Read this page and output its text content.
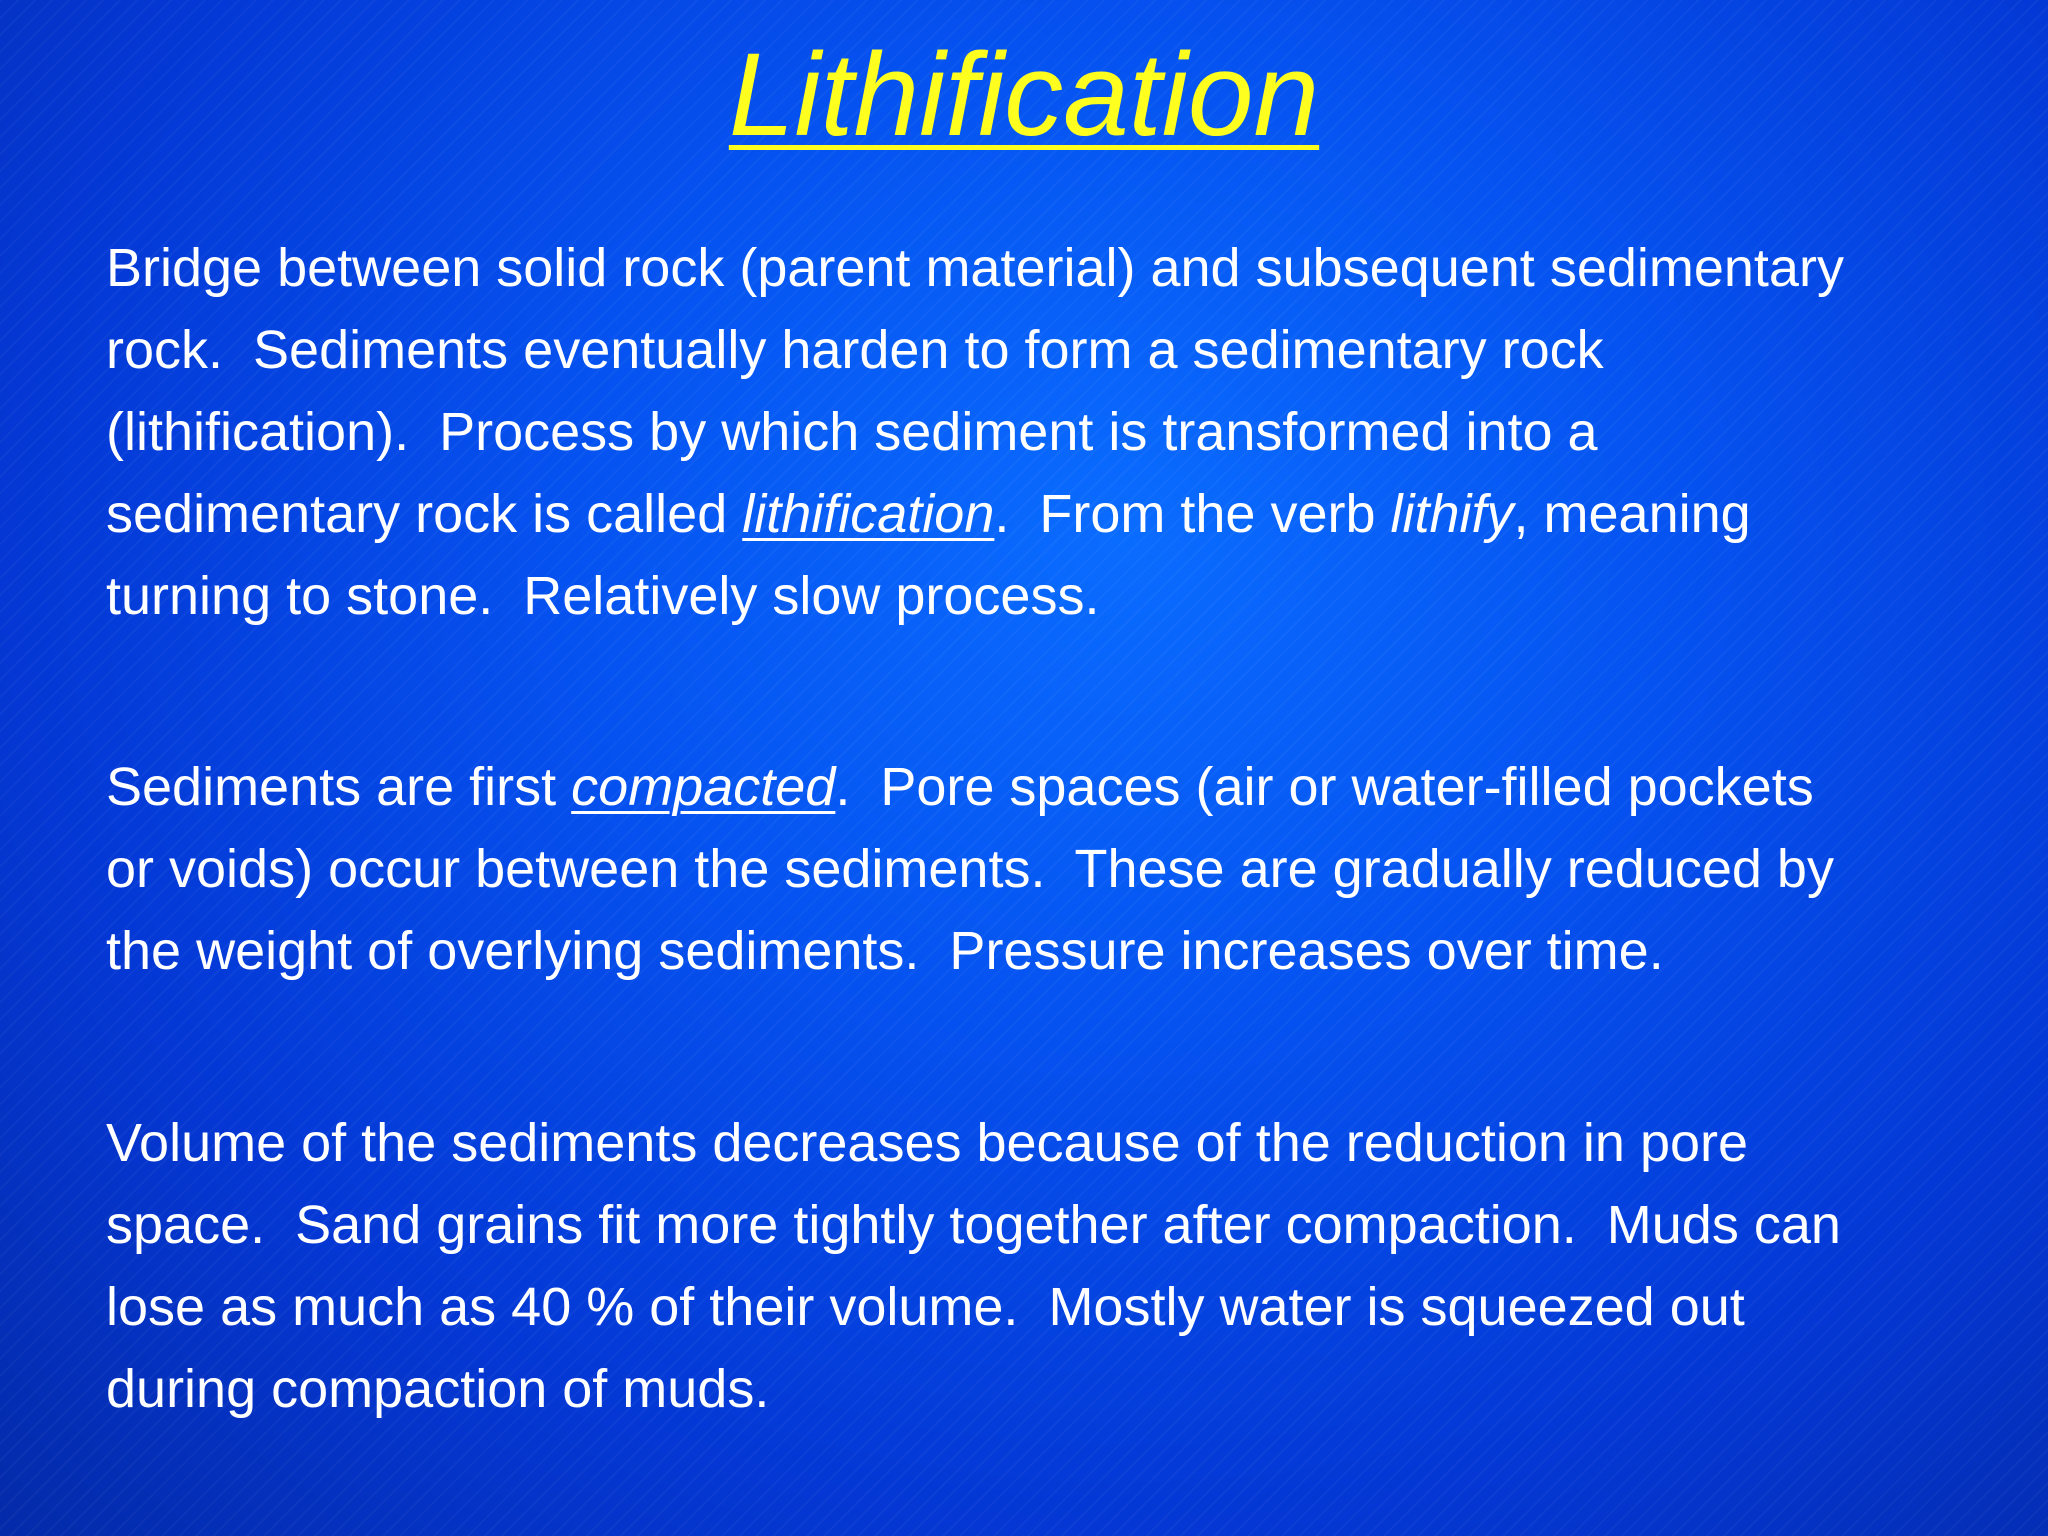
Lithification
Bridge between solid rock (parent material) and subsequent sedimentary
rock.  Sediments eventually harden to form a sedimentary rock
(lithification).  Process by which sediment is transformed into a
sedimentary rock is called lithification.  From the verb lithify, meaning
turning to stone.  Relatively slow process.
Sediments are first compacted.  Pore spaces (air or water-filled pockets
or voids) occur between the sediments.  These are gradually reduced by
the weight of overlying sediments.  Pressure increases over time.
Volume of the sediments decreases because of the reduction in pore
space.  Sand grains fit more tightly together after compaction.  Muds can
lose as much as 40 % of their volume.  Mostly water is squeezed out
during compaction of muds.
